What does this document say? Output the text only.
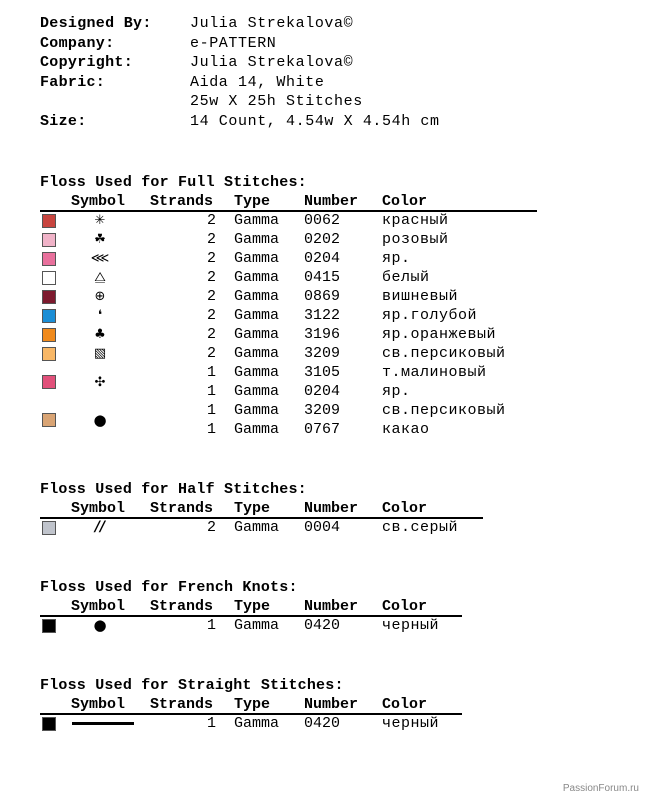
Designed By:	Julia Strekalova©
Company:	e-PATTERN
Copyright:	Julia Strekalova©
Fabric:	Aida 14, White
25w X 25h Stitches
Size:	14 Count, 4.54w X 4.54h cm
Floss Used for Full Stitches:
Symbol Strands Type Number Color
✳	2 Gamma 0062	красный
☘	2 Gamma 0202	розовый
⋘	2 Gamma 0204	яр.
⧋	2 Gamma 0415	белый
⊕	2 Gamma 0869	вишневый
❛	2 Gamma 3122	яр.голубой
♣	2 Gamma 3196	яр.оранжевый
▧	2 Gamma 3209	св.персиковый
✣
1 Gamma 3105	т.малиновый
1 Gamma 0204	яр.
●	1 Gamma 3209	св.персиковый
1 Gamma 0767	какао
Floss Used for Half Stitches:
Symbol Strands Type Number Color
//	2 Gamma 0004	св.серый
Floss Used for French Knots:
Symbol Strands Type Number Color
●	1 Gamma 0420	черный
Floss Used for Straight Stitches:
Symbol Strands Type Number Color
1 Gamma 0420	черный
PassionForum.ru
